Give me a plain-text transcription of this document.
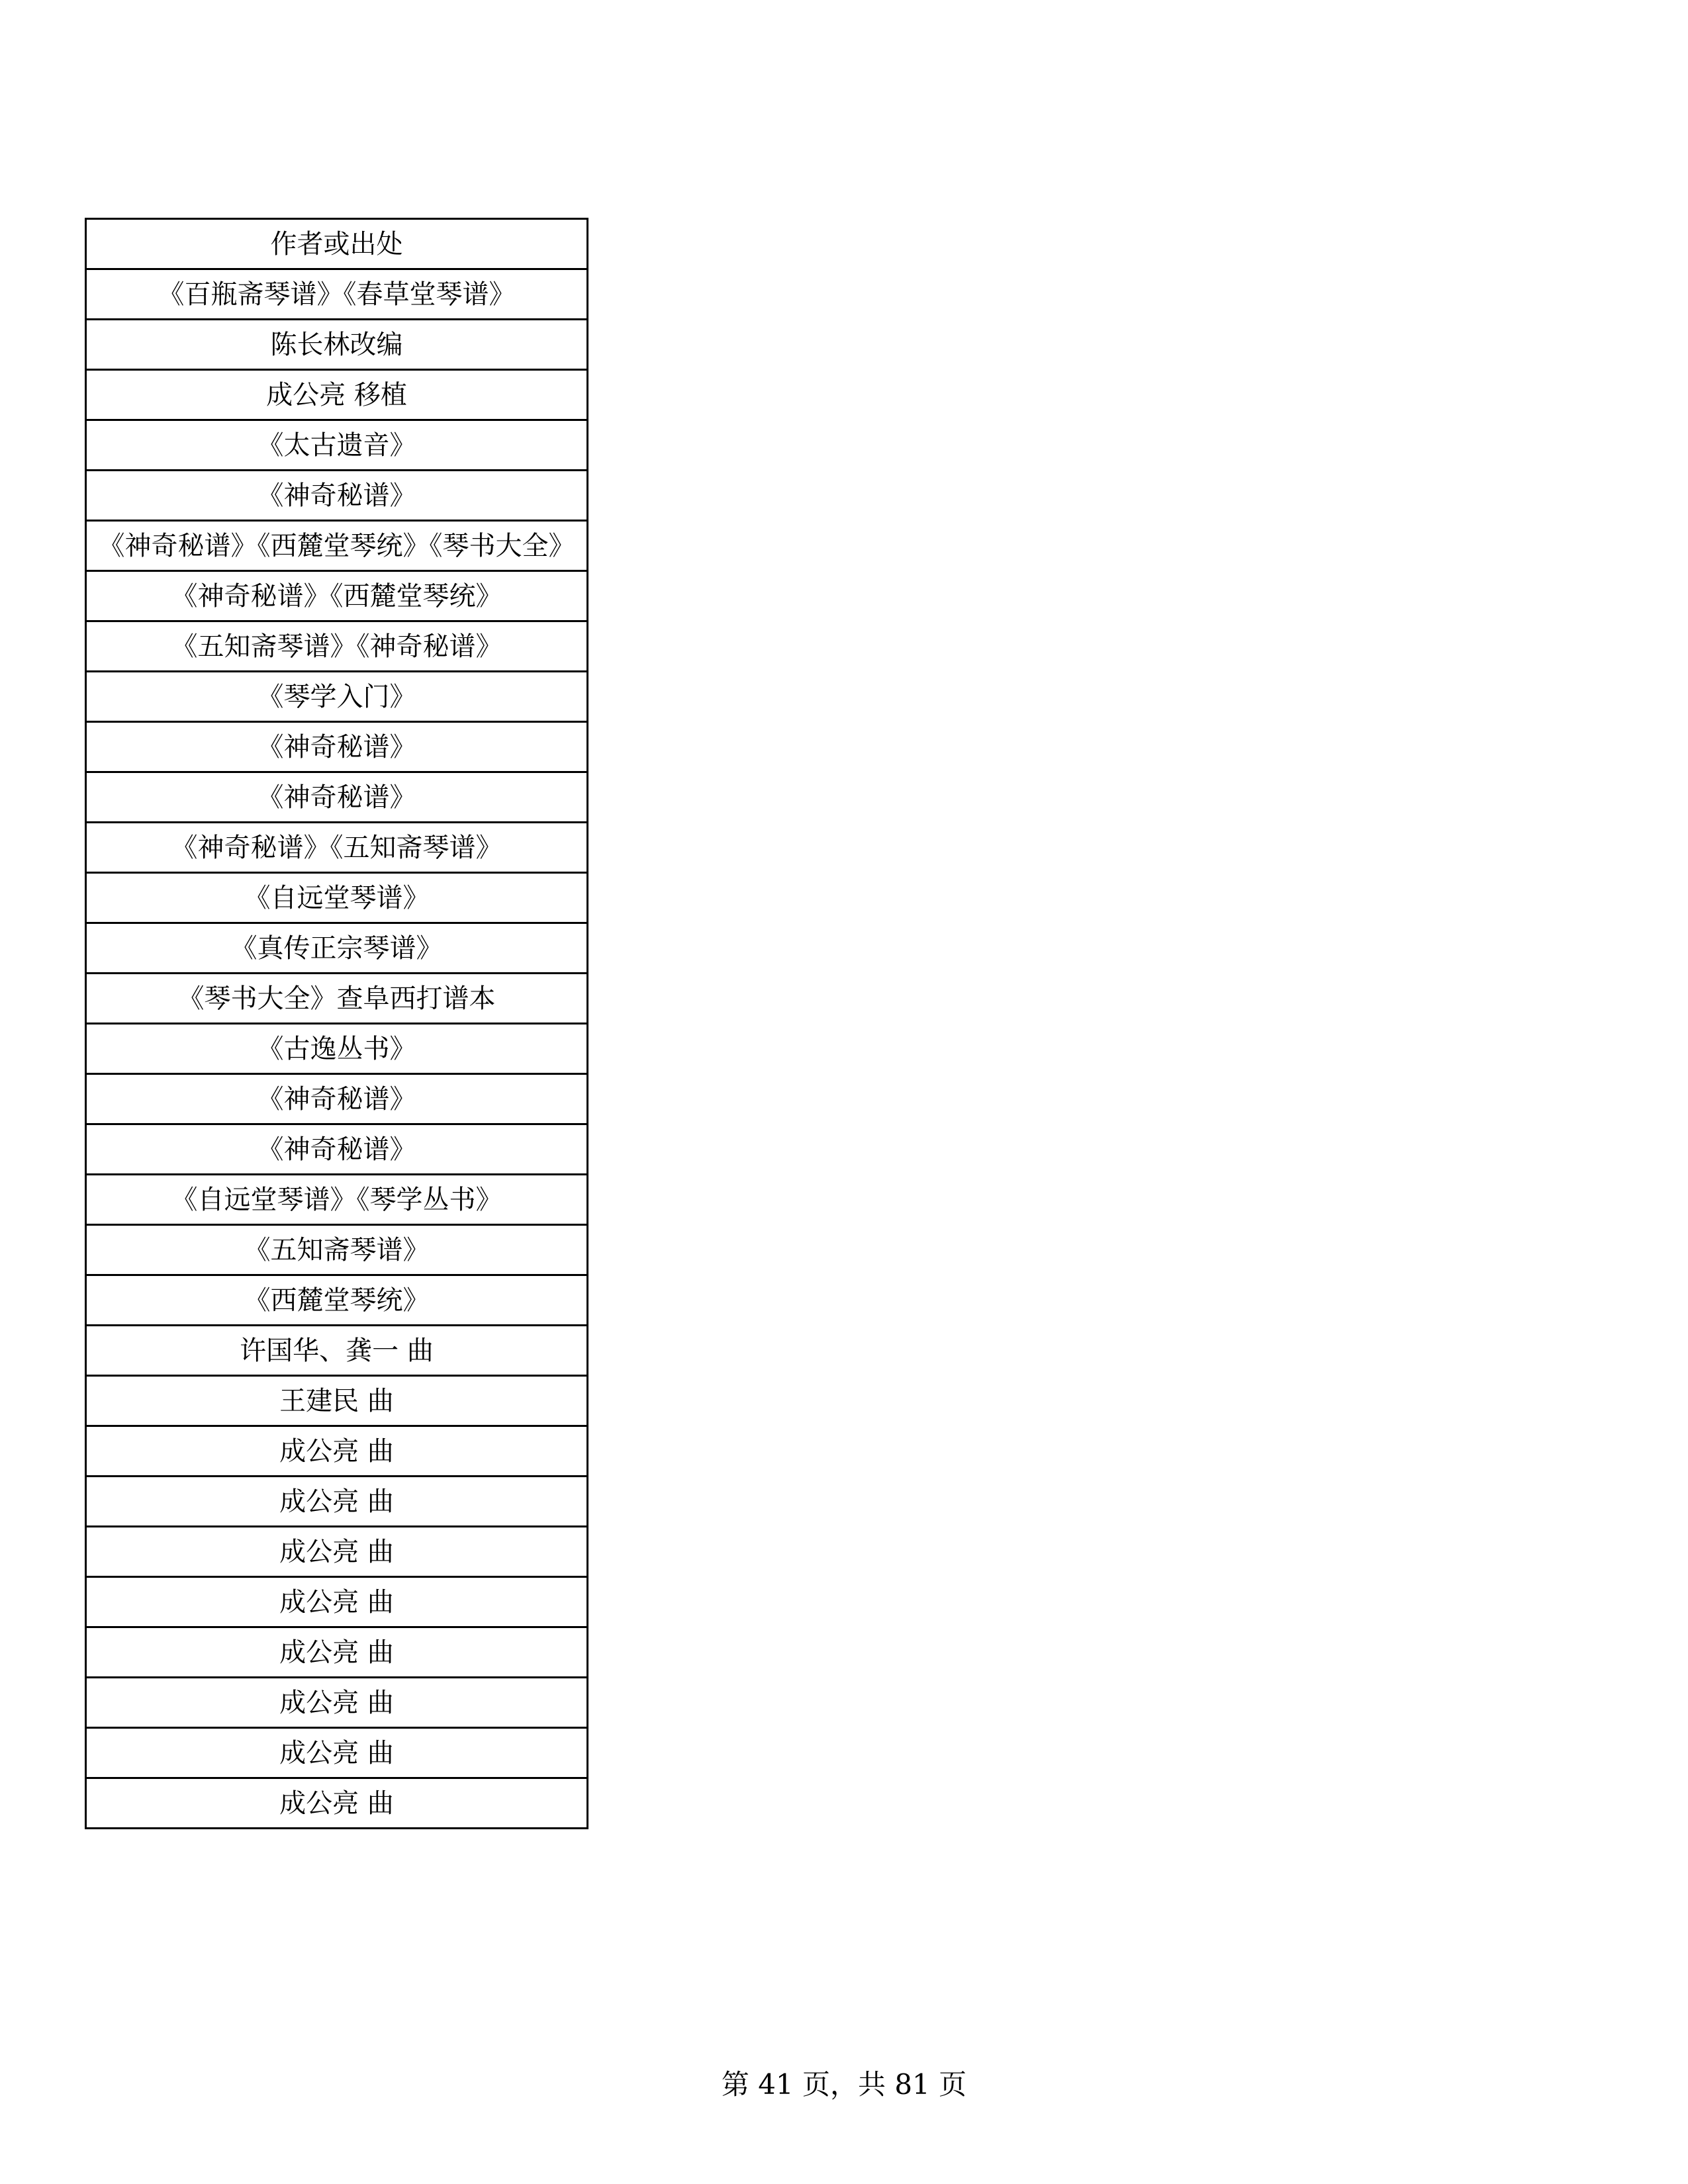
作者或出处

《百瓶斋琴谱》《春草堂琴谱》

陈长林改编

成公亮 移植

《太古遗音》

《神奇秘谱》

《神奇秘谱》《西麓堂琴统》《琴书大全》

《神奇秘谱》《西麓堂琴统》

《五知斋琴谱》《神奇秘谱》

《琴学入门》

《神奇秘谱》

《神奇秘谱》

《神奇秘谱》《五知斋琴谱》

《自远堂琴谱》

《真传正宗琴谱》

《琴书大全》查阜西打谱本

《古逸丛书》

《神奇秘谱》

《神奇秘谱》

《自远堂琴谱》《琴学丛书》

《五知斋琴谱》

《西麓堂琴统》

许国华、龚一 曲

王建民 曲

成公亮 曲

成公亮 曲

成公亮 曲

成公亮 曲

成公亮 曲

成公亮 曲

成公亮 曲

成公亮 曲
第 41 页，共 81 页
